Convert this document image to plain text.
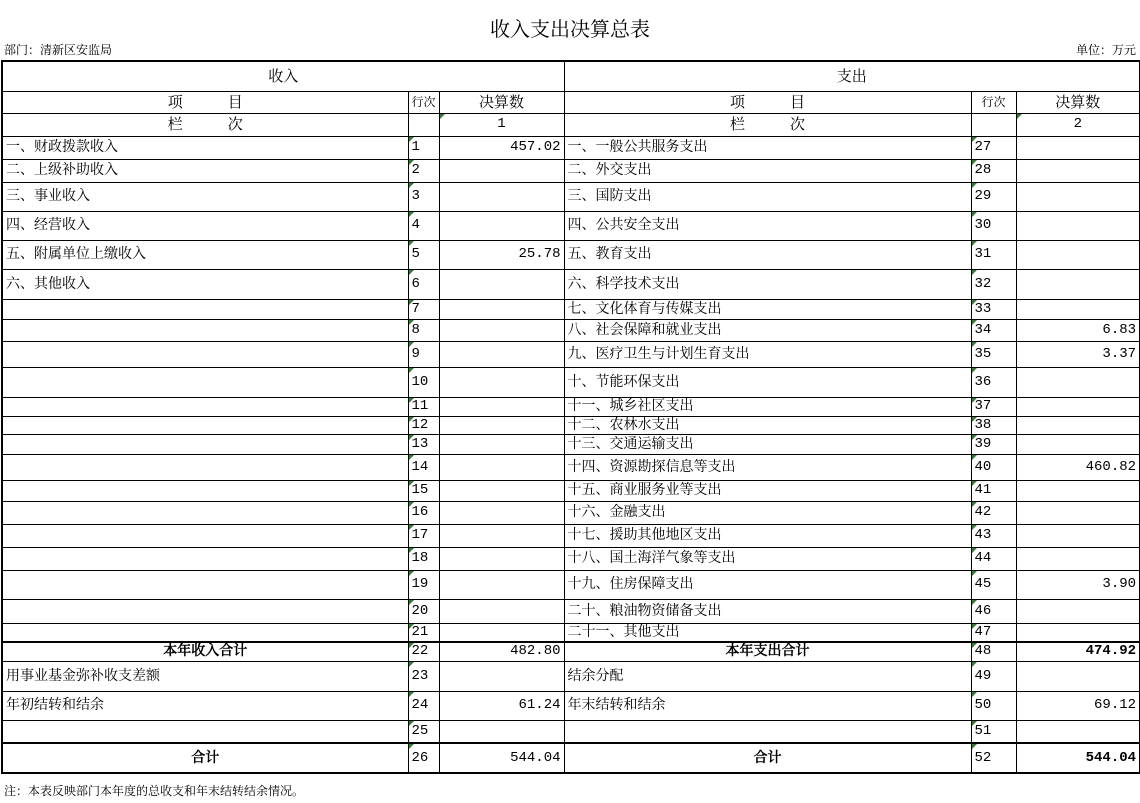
收入支出决算总表
部门：清新区安监局	单位：万元
收入			支出		
项　　　目	行次	决算数	项　　　目	行次	决算数
栏　　　次		1	栏　　　次		2
一、财政拨款收入	1	457.02	一、一般公共服务支出	27	
二、上级补助收入	2		二、外交支出	28	
三、事业收入	3		三、国防支出	29	
四、经营收入	4		四、公共安全支出	30	
五、附属单位上缴收入	5	25.78	五、教育支出	31	
六、其他收入	6		六、科学技术支出	32	
	7		七、文化体育与传媒支出	33	
	8		八、社会保障和就业支出	34	6.83
	9		九、医疗卫生与计划生育支出	35	3.37
	10		十、节能环保支出	36	
	11		十一、城乡社区支出	37	
	12		十二、农林水支出	38	
	13		十三、交通运输支出	39	
	14		十四、资源勘探信息等支出	40	460.82
	15		十五、商业服务业等支出	41	
	16		十六、金融支出	42	
	17		十七、援助其他地区支出	43	
	18		十八、国土海洋气象等支出	44	
	19		十九、住房保障支出	45	3.90
	20		二十、粮油物资储备支出	46	
	21		二十一、其他支出	47	
本年收入合计	22	482.80	本年支出合计	48	474.92
用事业基金弥补收支差额	23		结余分配	49	
年初结转和结余	24	61.24	年末结转和结余	50	69.12
	25			51	
合计	26	544.04	合计	52	544.04
注：本表反映部门本年度的总收支和年末结转结余情况。
